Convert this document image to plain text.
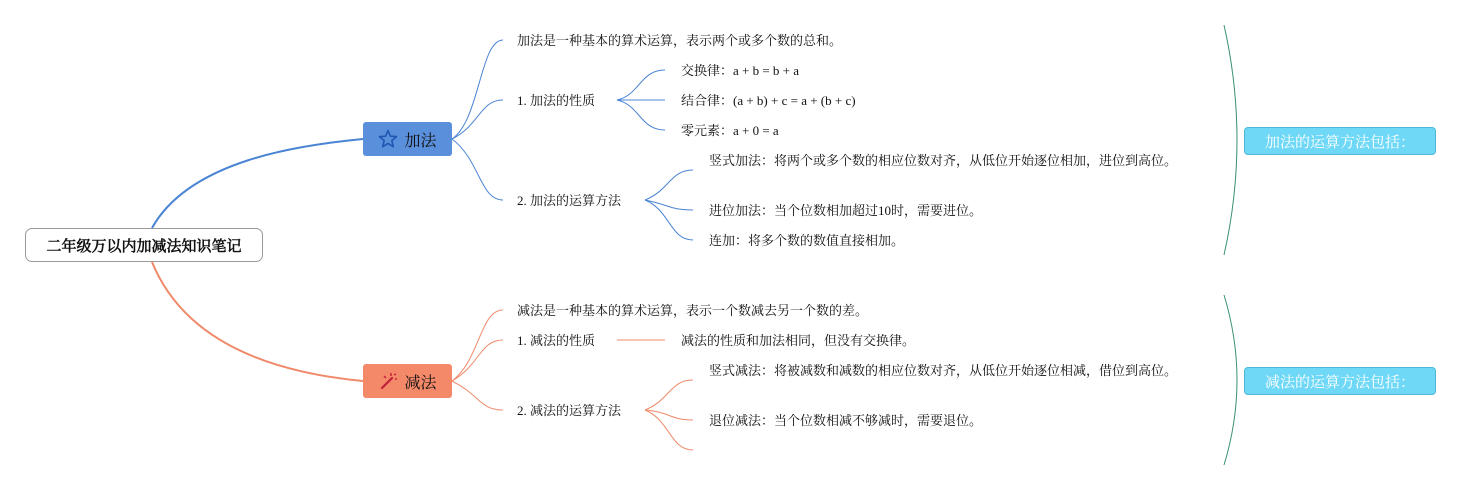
二年级万以内加减法知识笔记
加法
减法
加法是一种基本的算术运算，表示两个或多个数的总和。
1. 加法的性质
交换律：a + b = b + a
结合律：(a + b) + c = a + (b + c)
零元素：a + 0 = a
2. 加法的运算方法
竖式加法：将两个或多个数的相应位数对齐，从低位开始逐位相加，进位到高位。
进位加法：当个位数相加超过10时，需要进位。
连加：将多个数的数值直接相加。
减法是一种基本的算术运算，表示一个数减去另一个数的差。
1. 减法的性质	减法的性质和加法相同，但没有交换律。
2. 减法的运算方法
竖式减法：将被减数和减数的相应位数对齐，从低位开始逐位相减，借位到高位。
退位减法：当个位数相减不够减时，需要退位。
加法的运算方法包括：
减法的运算方法包括：
